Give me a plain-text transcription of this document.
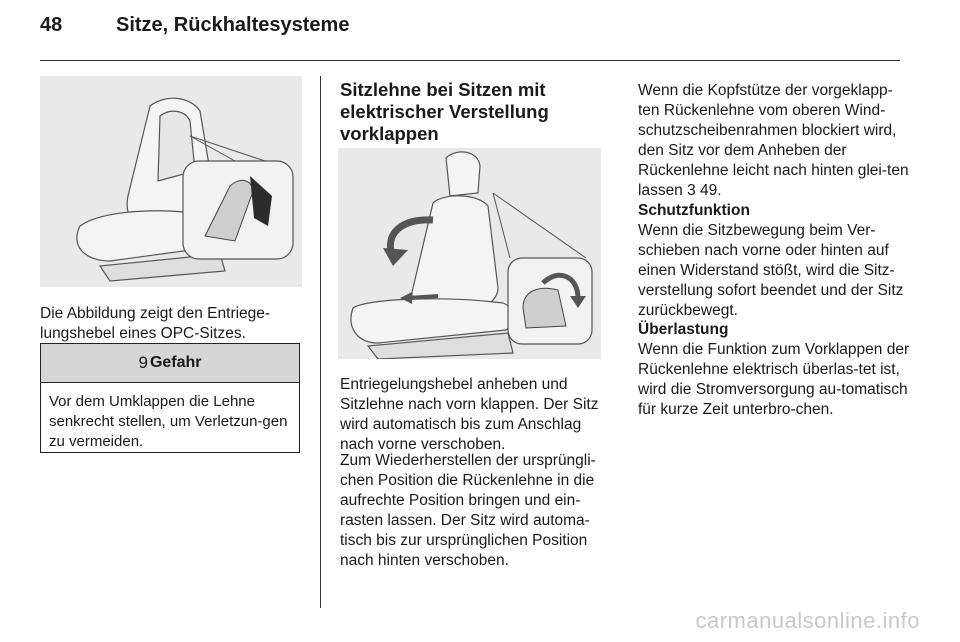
48	Sitze, Rückhaltesysteme

Die Abbildung zeigt den Entriege-lungshebel eines OPC-Sitzes.

9 Gefahr
Vor dem Umklappen die Lehne senkrecht stellen, um Verletzun-gen zu vermeiden.
Sitzlehne bei Sitzen mit elektrischer Verstellung vorklappen

Entriegelungshebel anheben und Sitzlehne nach vorn klappen. Der Sitz wird automatisch bis zum Anschlag nach vorne verschoben.

Zum Wiederherstellen der ursprüngli-chen Position die Rückenlehne in die aufrechte Position bringen und ein-rasten lassen. Der Sitz wird automa-tisch bis zur ursprünglichen Position nach hinten verschoben.

Wenn die Kopfstütze der vorgeklapp-ten Rückenlehne vom oberen Wind-schutzscheibenrahmen blockiert wird, den Sitz vor dem Anheben der Rückenlehne leicht nach hinten glei-ten lassen 3 49.

Schutzfunktion

Wenn die Sitzbewegung beim Ver-schieben nach vorne oder hinten auf einen Widerstand stößt, wird die Sitz-verstellung sofort beendet und der Sitz zurückbewegt.

Überlastung

Wenn die Funktion zum Vorklappen der Rückenlehne elektrisch überlas-tet ist, wird die Stromversorgung au-tomatisch für kurze Zeit unterbro-chen.

carmanualsonline.info
